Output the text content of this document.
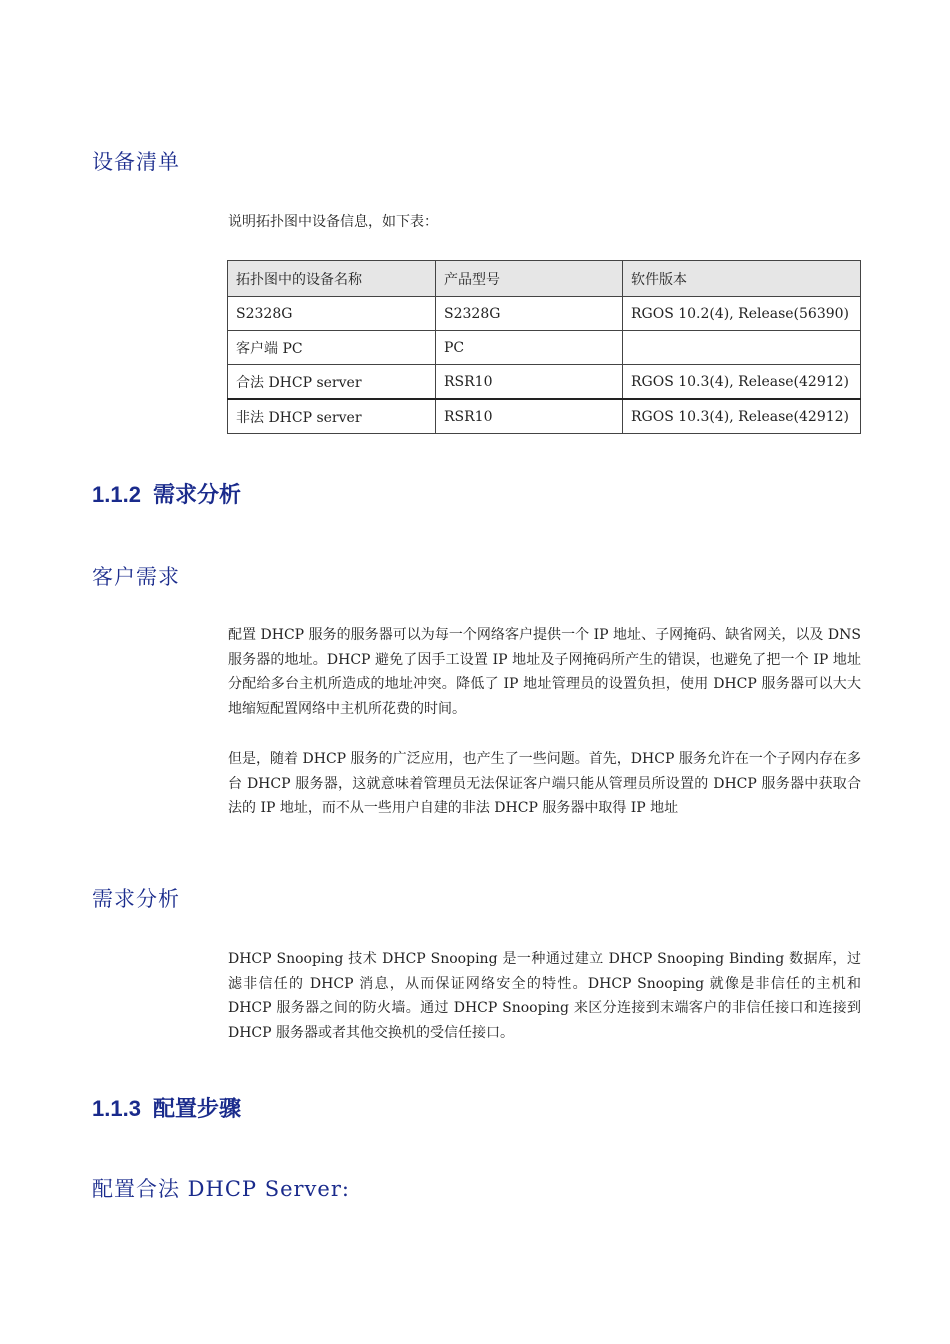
设备清单

说明拓扑图中设备信息，如下表：

拓扑图中的设备名称	产品型号	软件版本
S2328G	S2328G	RGOS 10.2(4), Release(56390)
客户端 PC	PC	
合法 DHCP server	RSR10	RGOS 10.3(4), Release(42912)
非法 DHCP server	RSR10	RGOS 10.3(4), Release(42912)
1.1.2 需求分析
客户需求

配置 DHCP 服务的服务器可以为每一个网络客户提供一个 IP 地址、子网掩码、缺省网关，以及 DNS 服务器的地址。DHCP 避免了因手工设置 IP 地址及子网掩码所产生的错误，也避免了把一个 IP 地址分配给多台主机所造成的地址冲突。降低了 IP 地址管理员的设置负担，使用 DHCP 服务器可以大大地缩短配置网络中主机所花费的时间。

但是，随着 DHCP 服务的广泛应用，也产生了一些问题。首先，DHCP 服务允许在一个子网内存在多台 DHCP 服务器，这就意味着管理员无法保证客户端只能从管理员所设置的 DHCP 服务器中获取合法的 IP 地址，而不从一些用户自建的非法 DHCP 服务器中取得 IP 地址

需求分析

DHCP Snooping 技术 DHCP Snooping 是一种通过建立 DHCP Snooping Binding 数据库，过滤非信任的 DHCP 消息，从而保证网络安全的特性。DHCP Snooping 就像是非信任的主机和 DHCP 服务器之间的防火墙。通过 DHCP Snooping 来区分连接到末端客户的非信任接口和连接到 DHCP 服务器或者其他交换机的受信任接口。

1.1.3 配置步骤
配置合法 DHCP Server:
